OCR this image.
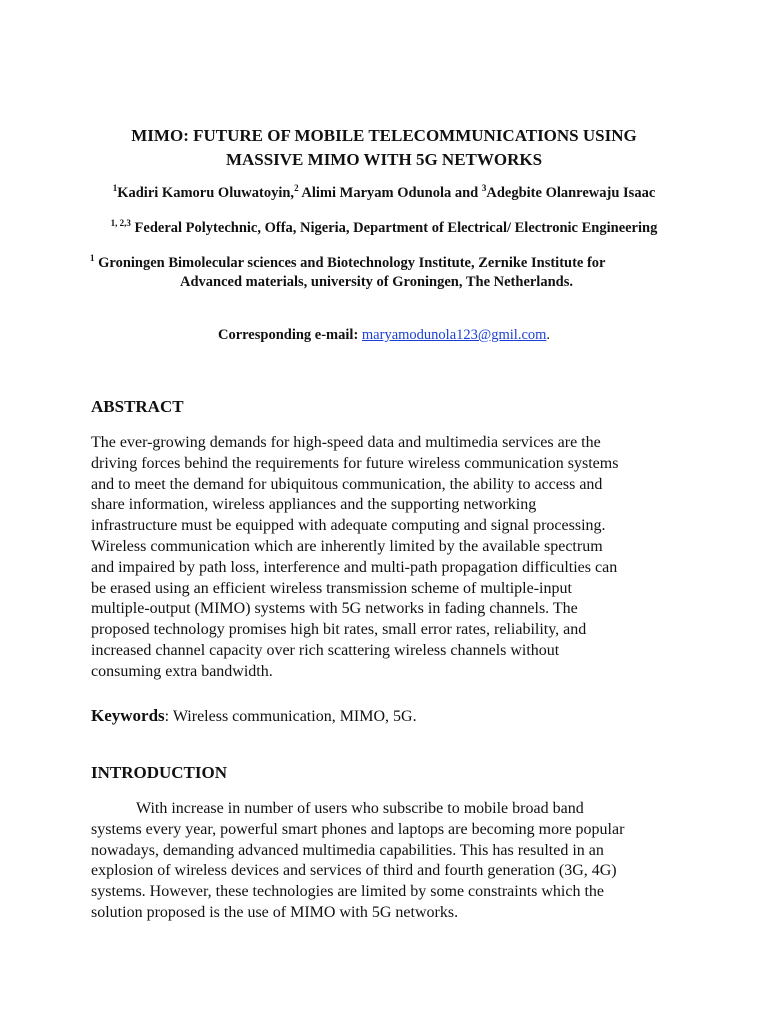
MIMO: FUTURE OF MOBILE TELECOMMUNICATIONS USING
MASSIVE MIMO WITH 5G NETWORKS
$^1$Kadiri Kamoru Oluwatoyin,$^2$ Alimi Maryam Odunola and $^3$Adegbite Olanrewaju Isaac
$^{1, 2,3}$ Federal Polytechnic, Offa, Nigeria, Department of Electrical/ Electronic Engineering
$^1$ Groningen Bimolecular sciences and Biotechnology Institute, Zernike Institute for
Advanced materials, university of Groningen, The Netherlands.
Corresponding e-mail: maryamodunola123@gmil.com.
ABSTRACT
The ever-growing demands for high-speed data and multimedia services are the
driving forces behind the requirements for future wireless communication systems
and to meet the demand for ubiquitous communication, the ability to access and
share information, wireless appliances and the supporting networking
infrastructure must be equipped with adequate computing and signal processing.
Wireless communication which are inherently limited by the available spectrum
and impaired by path loss, interference and multi-path propagation difficulties can
be erased using an efficient wireless transmission scheme of multiple-input
multiple-output (MIMO) systems with 5G networks in fading channels. The
proposed technology promises high bit rates, small error rates, reliability, and
increased channel capacity over rich scattering wireless channels without
consuming extra bandwidth.
Keywords: Wireless communication, MIMO, 5G.
INTRODUCTION
With increase in number of users who subscribe to mobile broad band
systems every year, powerful smart phones and laptops are becoming more popular
nowadays, demanding advanced multimedia capabilities. This has resulted in an
explosion of wireless devices and services of third and fourth generation (3G, 4G)
systems. However, these technologies are limited by some constraints which the
solution proposed is the use of MIMO with 5G networks.
